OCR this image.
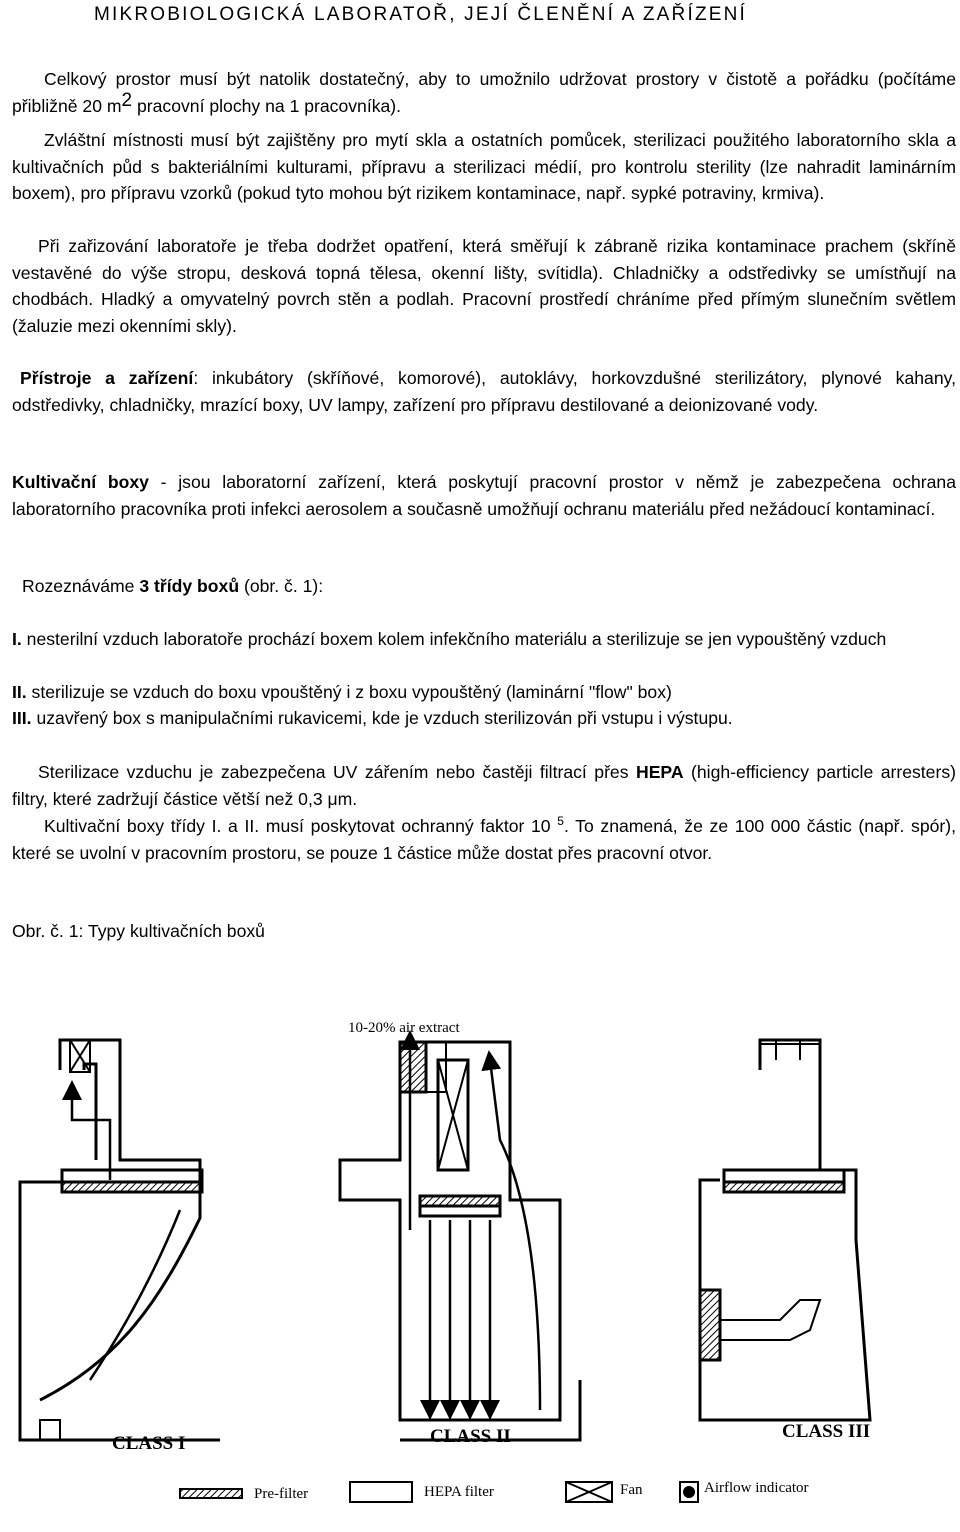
MIKROBIOLOGICKÁ LABORATOŘ, JEJÍ ČLENĚNÍ A ZAŘÍZENÍ
Celkový prostor musí být natolik dostatečný, aby to umožnilo udržovat prostory v čistotě a pořádku (počítáme přibližně 20 m2 pracovní plochy na 1 pracovníka).
Zvláštní místnosti musí být zajištěny pro mytí skla a ostatních pomůcek, sterilizaci použitého laboratorního skla a kultivačních půd s bakteriálními kulturami, přípravu a sterilizaci médií, pro kontrolu sterility (lze nahradit laminárním boxem), pro přípravu vzorků (pokud tyto mohou být rizikem kontaminace, např. sypké potraviny, krmiva).
Při zařizování laboratoře je třeba dodržet opatření, která směřují k zábraně rizika kontaminace prachem (skříně vestavěné do výše stropu, desková topná tělesa, okenní lišty, svítidla). Chladničky a odstředivky se umístňují na chodbách. Hladký a omyvatelný povrch stěn a podlah. Pracovní prostředí chráníme před přímým slunečním světlem (žaluzie mezi okenními skly).
Přístroje a zařízení: inkubátory (skříňové, komorové), autoklávy, horkovzdušné sterilizátory, plynové kahany, odstředivky, chladničky, mrazící boxy, UV lampy, zařízení pro přípravu destilované a deionizované vody.
Kultivační boxy - jsou laboratorní zařízení, která poskytují pracovní prostor v němž je zabezpečena ochrana laboratorního pracovníka proti infekci aerosolem a současně umožňují ochranu materiálu před nežádoucí kontaminací.
Rozeznáváme 3 třídy boxů (obr. č. 1):
I. nesterilní vzduch laboratoře prochází boxem kolem infekčního materiálu a sterilizuje se jen vypouštěný vzduch
II. sterilizuje se vzduch do boxu vpouštěný i z boxu vypouštěný (laminární "flow" box)
III. uzavřený box s manipulačními rukavicemi, kde je vzduch sterilizován při vstupu i výstupu.
Sterilizace vzduchu je zabezpečena UV zářením nebo častěji filtrací přes HEPA (high-efficiency particle arresters) filtry, které zadržují částice větší než 0,3 μm.
Kultivační boxy třídy I. a II. musí poskytovat ochranný faktor 10 $^5$. To znamená, že ze 100 000 částic (např. spór), které se uvolní v pracovním prostoru, se pouze 1 částice může dostat přes pracovní otvor.
Obr. č. 1: Typy kultivačních boxů
10-20% air extract
CLASS I	CLASS II	CLASS III
Pre-filter	HEPA filter	Fan	Airflow indicator
